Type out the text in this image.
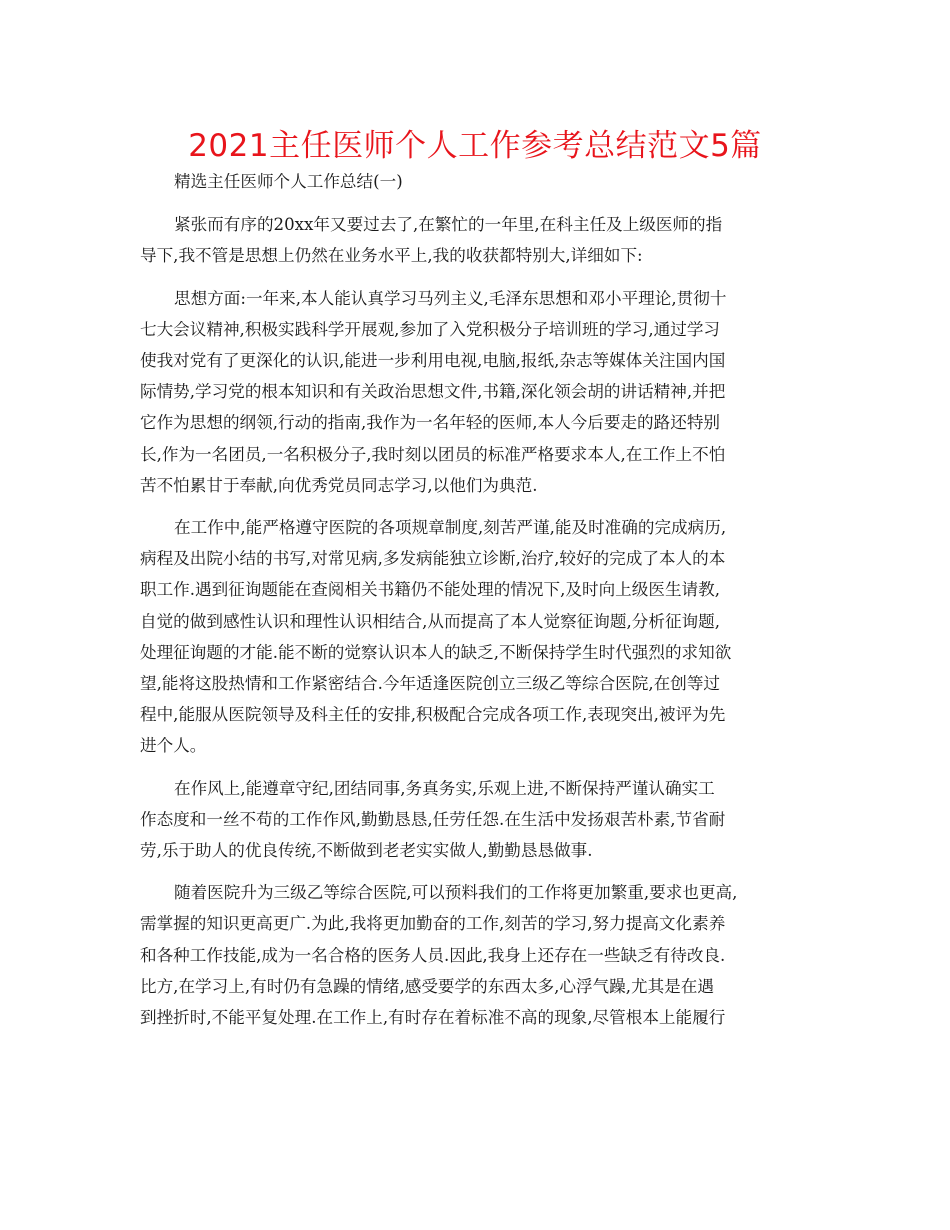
2021主任医师个人工作参考总结范文5篇

精选主任医师个人工作总结(一)

紧张而有序的20xx年又要过去了,在繁忙的一年里,在科主任及上级医师的指
导下,我不管是思想上仍然在业务水平上,我的收获都特别大,详细如下:

思想方面:一年来,本人能认真学习马列主义,毛泽东思想和邓小平理论,贯彻十
七大会议精神,积极实践科学开展观,参加了入党积极分子培训班的学习,通过学习
使我对党有了更深化的认识,能进一步利用电视,电脑,报纸,杂志等媒体关注国内国
际情势,学习党的根本知识和有关政治思想文件,书籍,深化领会胡的讲话精神,并把
它作为思想的纲领,行动的指南,我作为一名年轻的医师,本人今后要走的路还特别
长,作为一名团员,一名积极分子,我时刻以团员的标准严格要求本人,在工作上不怕
苦不怕累甘于奉献,向优秀党员同志学习,以他们为典范.

在工作中,能严格遵守医院的各项规章制度,刻苦严谨,能及时准确的完成病历,
病程及出院小结的书写,对常见病,多发病能独立诊断,治疗,较好的完成了本人的本
职工作.遇到征询题能在查阅相关书籍仍不能处理的情况下,及时向上级医生请教,
自觉的做到感性认识和理性认识相结合,从而提高了本人觉察征询题,分析征询题,
处理征询题的才能.能不断的觉察认识本人的缺乏,不断保持学生时代强烈的求知欲
望,能将这股热情和工作紧密结合.今年适逢医院创立三级乙等综合医院,在创等过
程中,能服从医院领导及科主任的安排,积极配合完成各项工作,表现突出,被评为先
进个人。

在作风上,能遵章守纪,团结同事,务真务实,乐观上进,不断保持严谨认确实工
作态度和一丝不苟的工作作风,勤勤恳恳,任劳任怨.在生活中发扬艰苦朴素,节省耐
劳,乐于助人的优良传统,不断做到老老实实做人,勤勤恳恳做事.

随着医院升为三级乙等综合医院,可以预料我们的工作将更加繁重,要求也更高,
需掌握的知识更高更广.为此,我将更加勤奋的工作,刻苦的学习,努力提高文化素养
和各种工作技能,成为一名合格的医务人员.因此,我身上还存在一些缺乏有待改良.
比方,在学习上,有时仍有急躁的情绪,感受要学的东西太多,心浮气躁,尤其是在遇
到挫折时,不能平复处理.在工作上,有时存在着标准不高的现象,尽管根本上能履行
